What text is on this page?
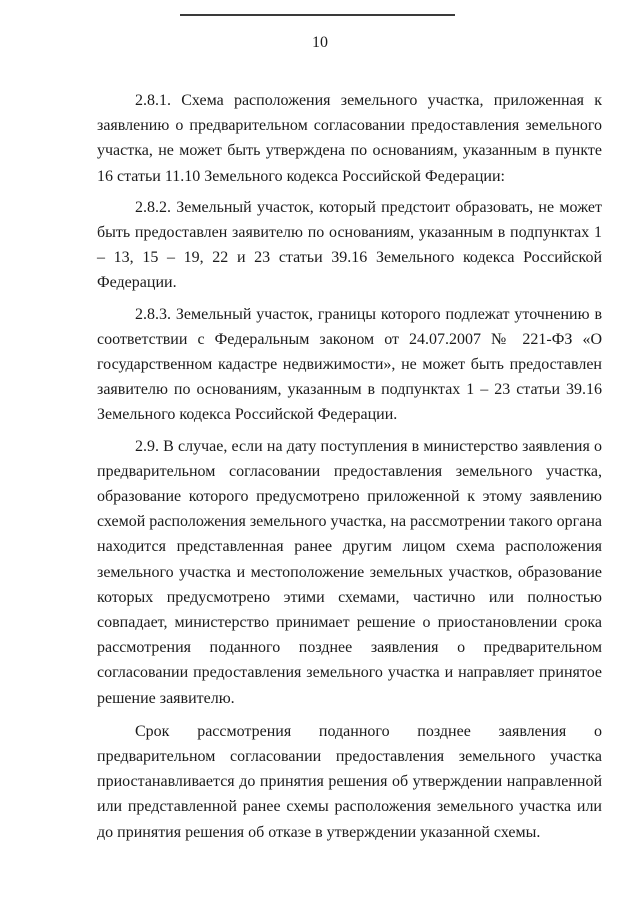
10

2.8.1. Схема расположения земельного участка, приложенная к заявлению о предварительном согласовании предоставления земельного участка, не может быть утверждена по основаниям, указанным в пункте 16 статьи 11.10 Земельного кодекса Российской Федерации:

2.8.2. Земельный участок, который предстоит образовать, не может быть предоставлен заявителю по основаниям, указанным в подпунктах 1 – 13, 15 – 19, 22 и 23 статьи 39.16 Земельного кодекса Российской Федерации.

2.8.3. Земельный участок, границы которого подлежат уточнению в соответствии с Федеральным законом от 24.07.2007 № 221-ФЗ «О государственном кадастре недвижимости», не может быть предоставлен заявителю по основаниям, указанным в подпунктах 1 – 23 статьи 39.16 Земельного кодекса Российской Федерации.

2.9. В случае, если на дату поступления в министерство заявления о предварительном согласовании предоставления земельного участка, образование которого предусмотрено приложенной к этому заявлению схемой расположения земельного участка, на рассмотрении такого органа находится представленная ранее другим лицом схема расположения земельного участка и местоположение земельных участков, образование которых предусмотрено этими схемами, частично или полностью совпадает, министерство принимает решение о приостановлении срока рассмотрения поданного позднее заявления о предварительном согласовании предоставления земельного участка и направляет принятое решение заявителю.

Срок рассмотрения поданного позднее заявления о предварительном согласовании предоставления земельного участка приостанавливается до принятия решения об утверждении направленной или представленной ранее схемы расположения земельного участка или до принятия решения об отказе в утверждении указанной схемы.
